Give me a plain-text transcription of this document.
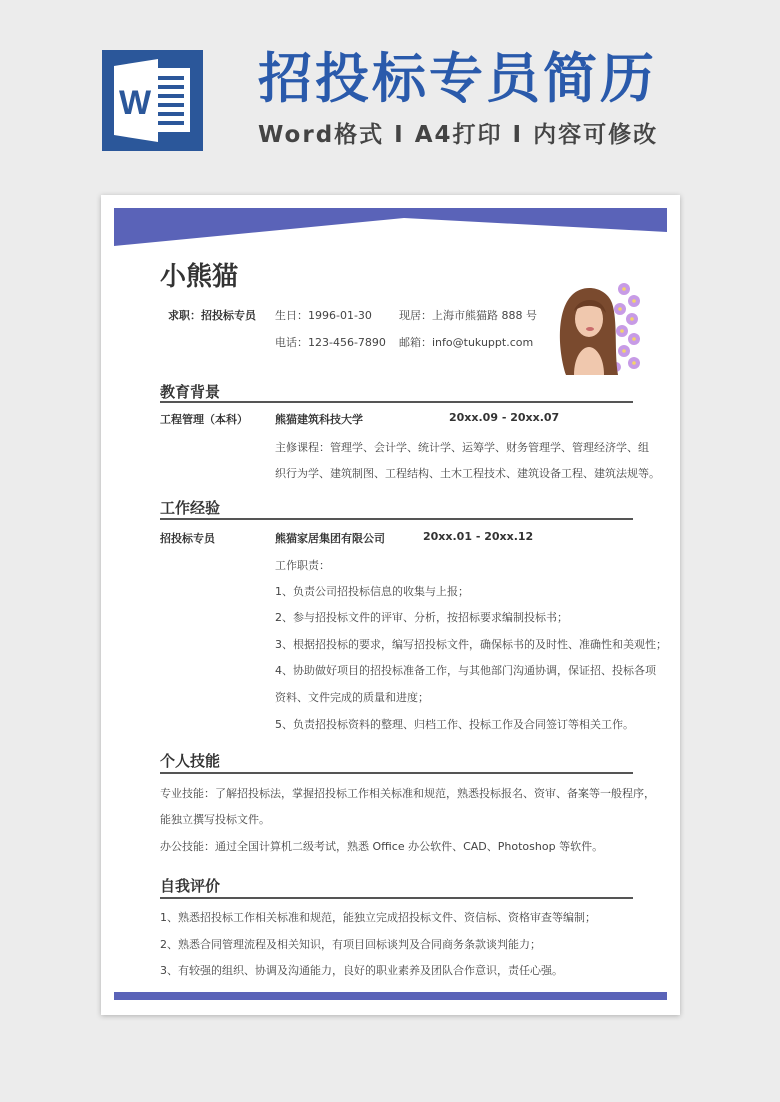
W 招投标专员简历
Word格式 I A4打印 I 内容可修改
小熊猫
求职：招投标专员 生日：1996-01-30 现居：上海市熊猫路 888 号
电话：123-456-7890 邮箱：info@tukuppt.com
教育背景
工程管理（本科） 熊猫建筑科技大学	20xx.09 - 20xx.07
主修课程：管理学、会计学、统计学、运筹学、财务管理学、管理经济学、组
织行为学、建筑制图、工程结构、土木工程技术、建筑设备工程、建筑法规等。
工作经验
招投标专员	熊猫家居集团有限公司	20xx.01 - 20xx.12
工作职责：
1、负责公司招投标信息的收集与上报；
2、参与招投标文件的评审、分析，按招标要求编制投标书；
3、根据招投标的要求，编写招投标文件，确保标书的及时性、准确性和美观性；
4、协助做好项目的招投标准备工作，与其他部门沟通协调，保证招、投标各项
资料、文件完成的质量和进度；
5、负责招投标资料的整理、归档工作、投标工作及合同签订等相关工作。
个人技能
专业技能：了解招投标法，掌握招投标工作相关标准和规范，熟悉投标报名、资审、备案等一般程序，
能独立撰写投标文件。
办公技能：通过全国计算机二级考试，熟悉 Office 办公软件、CAD、Photoshop 等软件。
自我评价
1、熟悉招投标工作相关标准和规范，能独立完成招投标文件、资信标、资格审查等编制；
2、熟悉合同管理流程及相关知识，有项目回标谈判及合同商务条款谈判能力；
3、有较强的组织、协调及沟通能力，良好的职业素养及团队合作意识，责任心强。
